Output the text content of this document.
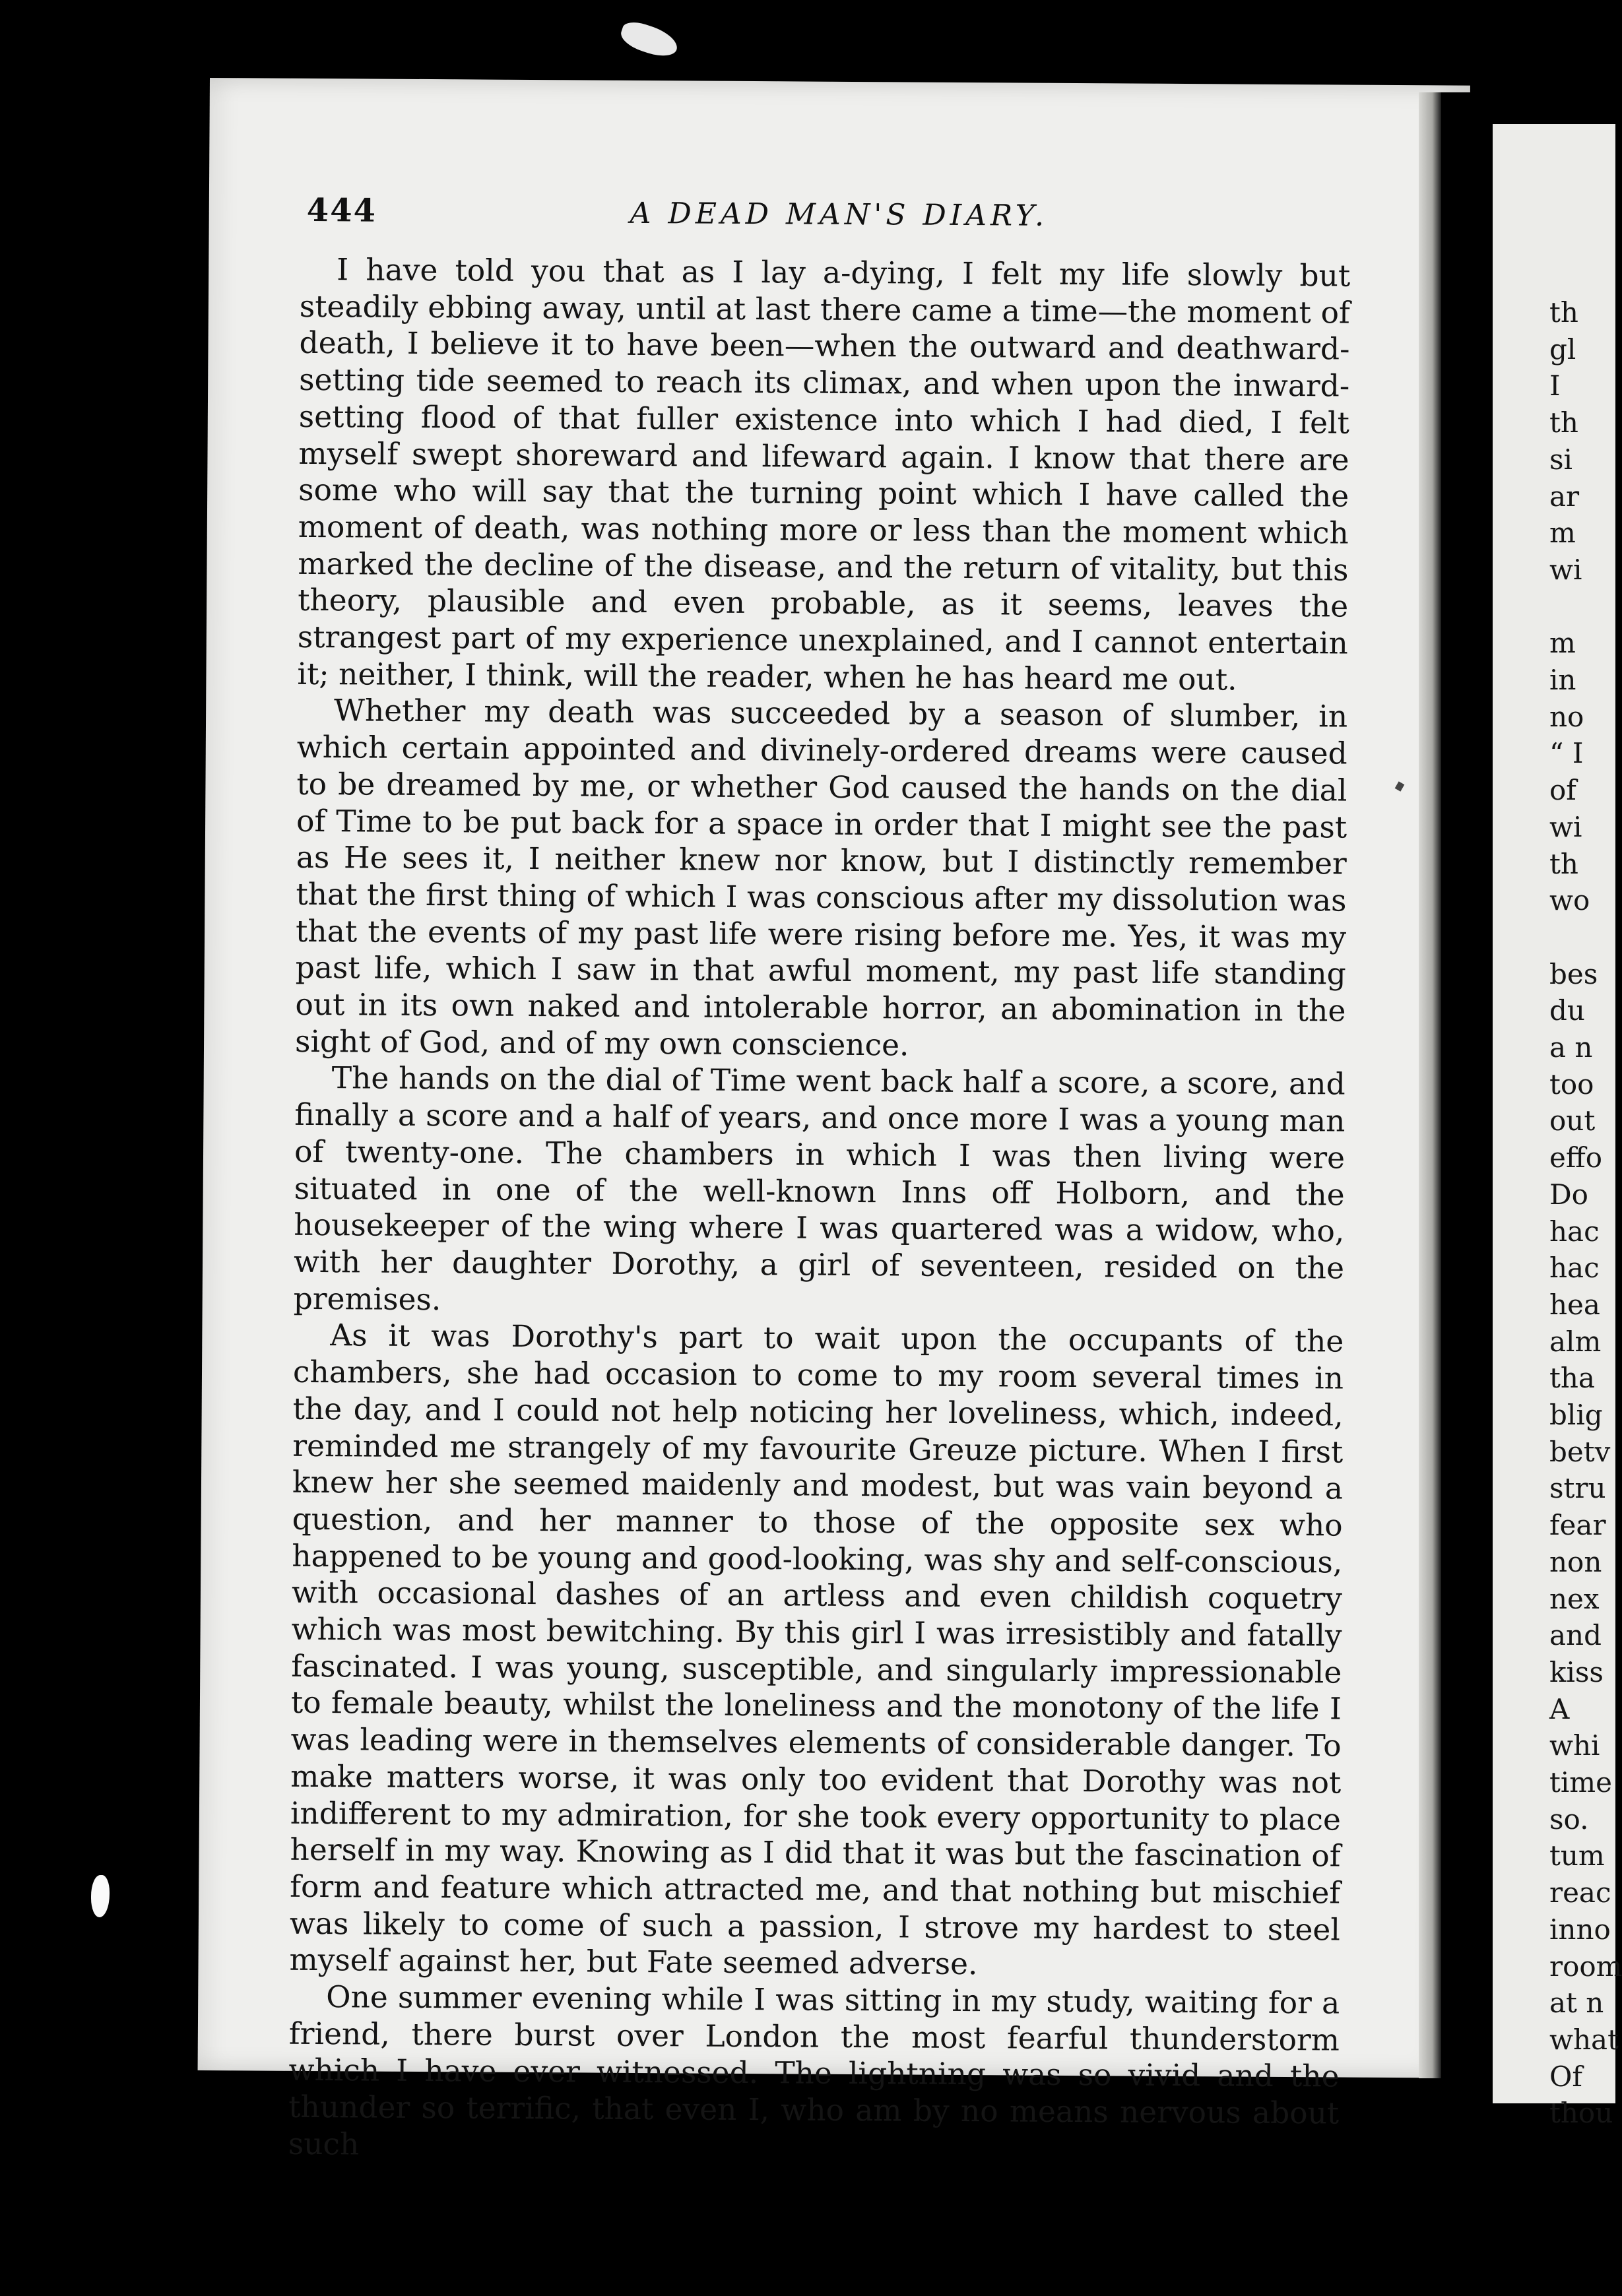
444	A DEAD MAN'S DIARY.

I have told you that as I lay a-dying, I felt my life slowly but steadily ebbing away, until at last there came a time—the moment of death, I believe it to have been—when the outward and deathward-setting tide seemed to reach its climax, and when upon the inward-setting flood of that fuller existence into which I had died, I felt myself swept shoreward and lifeward again. I know that there are some who will say that the turning point which I have called the moment of death, was nothing more or less than the moment which marked the decline of the disease, and the return of vitality, but this theory, plausible and even probable, as it seems, leaves the strangest part of my experience unexplained, and I cannot entertain it; neither, I think, will the reader, when he has heard me out.

Whether my death was succeeded by a season of slumber, in which certain appointed and divinely-ordered dreams were caused to be dreamed by me, or whether God caused the hands on the dial of Time to be put back for a space in order that I might see the past as He sees it, I neither knew nor know, but I distinctly remember that the first thing of which I was conscious after my dissolution was that the events of my past life were rising before me. Yes, it was my past life, which I saw in that awful moment, my past life standing out in its own naked and intolerable horror, an abomination in the sight of God, and of my own conscience.

The hands on the dial of Time went back half a score, a score, and finally a score and a half of years, and once more I was a young man of twenty-one. The chambers in which I was then living were situated in one of the well-known Inns off Holborn, and the housekeeper of the wing where I was quartered was a widow, who, with her daughter Dorothy, a girl of seventeen, resided on the premises.

As it was Dorothy's part to wait upon the occupants of the chambers, she had occasion to come to my room several times in the day, and I could not help noticing her loveliness, which, indeed, reminded me strangely of my favourite Greuze picture. When I first knew her she seemed maidenly and modest, but was vain beyond a question, and her manner to those of the opposite sex who happened to be young and good-looking, was shy and self-conscious, with occasional dashes of an artless and even childish coquetry which was most bewitching. By this girl I was irresistibly and fatally fascinated. I was young, susceptible, and singularly impressionable to female beauty, whilst the loneliness and the monotony of the life I was leading were in themselves elements of considerable danger. To make matters worse, it was only too evident that Dorothy was not indifferent to my admiration, for she took every opportunity to place herself in my way. Knowing as I did that it was but the fascination of form and feature which attracted me, and that nothing but mischief was likely to come of such a passion, I strove my hardest to steel myself against her, but Fate seemed adverse.

One summer evening while I was sitting in my study, waiting for a friend, there burst over London the most fearful thunderstorm which I have ever witnessed. The lightning was so vivid and the thunder so terrific, that even I, who am by no means nervous about such

th
gl
I
th
si
ar
m
wi
m
in
no
“ I
of
wi
th
wo
bes
du
a n
too
out
effo
Do
hac
hac
hea
alm
tha
blig
betv
stru
fear
non
nex
and
kiss
A
whi
time
so.
tum
reac
inno
room
at n
what
Of
thou
